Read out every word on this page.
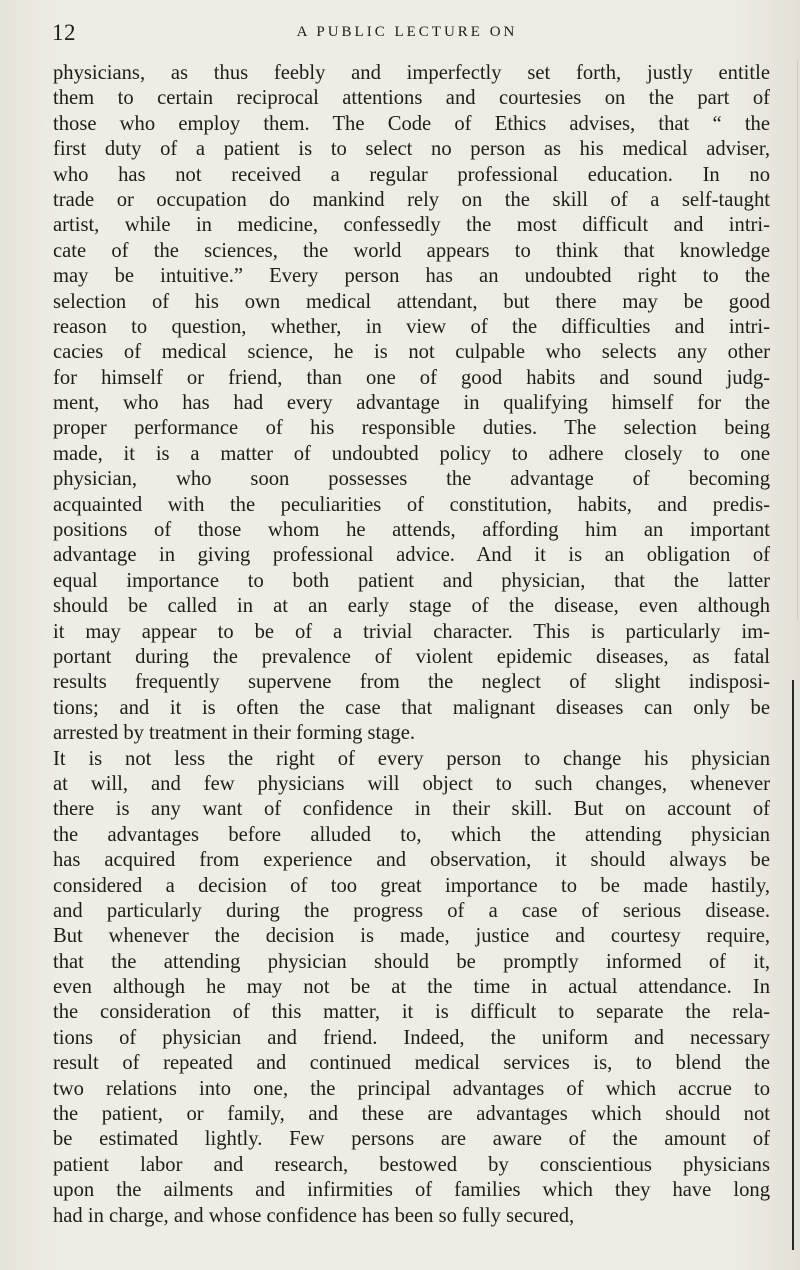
12	A PUBLIC LECTURE ON
physicians, as thus feebly and imperfectly set forth, justly entitle
them to certain reciprocal attentions and courtesies on the part of
those who employ them. The Code of Ethics advises, that “ the
first duty of a patient is to select no person as his medical adviser,
who has not received a regular professional education. In no
trade or occupation do mankind rely on the skill of a self-taught
artist, while in medicine, confessedly the most difficult and intri-
cate of the sciences, the world appears to think that knowledge
may be intuitive.” Every person has an undoubted right to the
selection of his own medical attendant, but there may be good
reason to question, whether, in view of the difficulties and intri-
cacies of medical science, he is not culpable who selects any other
for himself or friend, than one of good habits and sound judg-
ment, who has had every advantage in qualifying himself for the
proper performance of his responsible duties. The selection being
made, it is a matter of undoubted policy to adhere closely to one
physician, who soon possesses the advantage of becoming
acquainted with the peculiarities of constitution, habits, and predis-
positions of those whom he attends, affording him an important
advantage in giving professional advice. And it is an obligation of
equal importance to both patient and physician, that the latter
should be called in at an early stage of the disease, even although
it may appear to be of a trivial character. This is particularly im-
portant during the prevalence of violent epidemic diseases, as fatal
results frequently supervene from the neglect of slight indisposi-
tions; and it is often the case that malignant diseases can only be
arrested by treatment in their forming stage.
It is not less the right of every person to change his physician
at will, and few physicians will object to such changes, whenever
there is any want of confidence in their skill. But on account of
the advantages before alluded to, which the attending physician
has acquired from experience and observation, it should always be
considered a decision of too great importance to be made hastily,
and particularly during the progress of a case of serious disease.
But whenever the decision is made, justice and courtesy require,
that the attending physician should be promptly informed of it,
even although he may not be at the time in actual attendance. In
the consideration of this matter, it is difficult to separate the rela-
tions of physician and friend. Indeed, the uniform and necessary
result of repeated and continued medical services is, to blend the
two relations into one, the principal advantages of which accrue to
the patient, or family, and these are advantages which should not
be estimated lightly. Few persons are aware of the amount of
patient labor and research, bestowed by conscientious physicians
upon the ailments and infirmities of families which they have long
had in charge, and whose confidence has been so fully secured,
